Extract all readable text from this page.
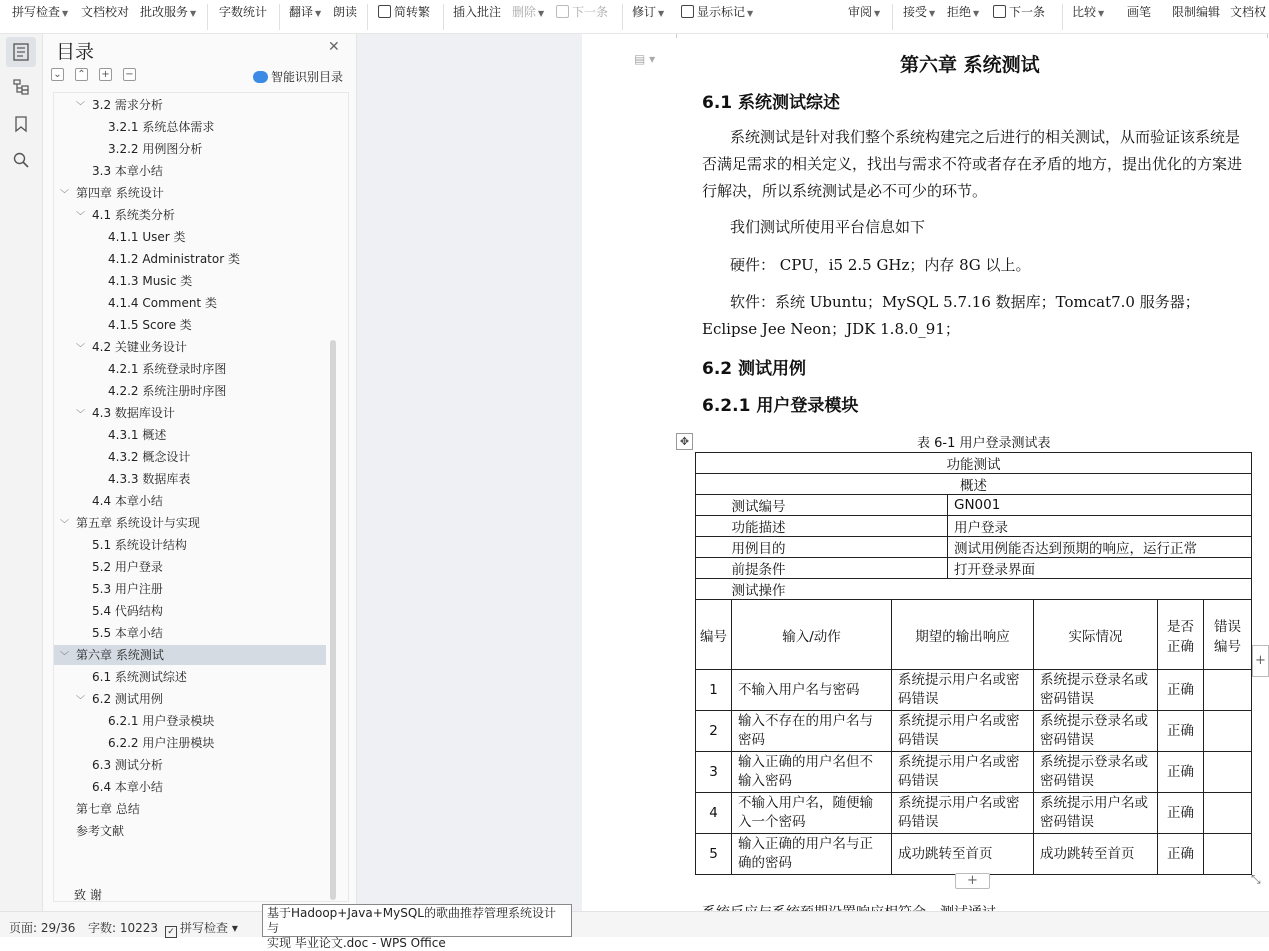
拼写检查 ▼ 文档校对 批改服务 ▼ 字数统计 翻译 ▼ 朗读	简转繁 插入批注 删除 ▼	下一条 修订 ▼	显示标记 ▼	审阅 ▼ 接受 ▼ 拒绝 ▼	下一条 比较 ▼ 画笔 限制编辑 文档权
目录	✕
⌄ ⌃ + −	智能识别目录
﹀ 3.2 需求分析
3.2.1 系统总体需求
3.2.2 用例图分析
3.3 本章小结
﹀ 第四章 系统设计
﹀ 4.1 系统类分析
4.1.1 User 类
4.1.2 Administrator 类
4.1.3 Music 类
4.1.4 Comment 类
4.1.5 Score 类
﹀ 4.2 关键业务设计
4.2.1 系统登录时序图
4.2.2 系统注册时序图
﹀ 4.3 数据库设计
4.3.1 概述
4.3.2 概念设计
4.3.3 数据库表
4.4 本章小结
﹀ 第五章 系统设计与实现
5.1 系统设计结构
5.2 用户登录
5.3 用户注册
5.4 代码结构
5.5 本章小结
﹀ 第六章 系统测试
6.1 系统测试综述
﹀ 6.2 测试用例
6.2.1 用户登录模块
6.2.2 用户注册模块
6.3 测试分析
6.4 本章小结
第七章 总结
参考文献
致 谢
▤ ▾	第六章 系统测试
6.1 系统测试综述
系统测试是针对我们整个系统构建完之后进行的相关测试，从而验证该系统是否满足需求的相关定义，找出与需求不符或者存在矛盾的地方，提出优化的方案进行解决，所以系统测试是必不可少的环节。
我们测试所使用平台信息如下
硬件： CPU，i5 2.5 GHz；内存 8G 以上。
软件：系统 Ubuntu；MySQL 5.7.16 数据库；Tomcat7.0 服务器；Eclipse Jee Neon；JDK 1.8.0_91；
6.2 测试用例
6.2.1 用户登录模块
✥	表 6-1 用户登录测试表
功能测试						
概述						
	测试编号		GN001			
	功能描述		用户登录			
	用例目的		测试用例能否达到预期的响应，运行正常			
	前提条件		打开登录界面			
	测试操作					
编号	输入/动作	期望的输出响应		实际情况	是否正确	错误编号
1	不输入用户名与密码	系统提示用户名或密码错误		系统提示登录名或密码错误	正确	
2	输入不存在的用户名与密码	系统提示用户名或密码错误		系统提示登录名或密码错误	正确	
3	输入正确的用户名但不输入密码	系统提示用户名或密码错误		系统提示登录名或密码错误	正确	
4	不输入用户名，随便输入一个密码	系统提示用户名或密码错误		系统提示用户名或密码错误	正确	
5	输入正确的用户名与正确的密码	成功跳转至首页		成功跳转至首页	正确	
+
+	⤡
页面: 29/36 字数: 10223 ✓ 拼写检查 ▾
基于Hadoop+Java+MySQL的歌曲推荐管理系统设计与
实现 毕业论文.doc - WPS Office
